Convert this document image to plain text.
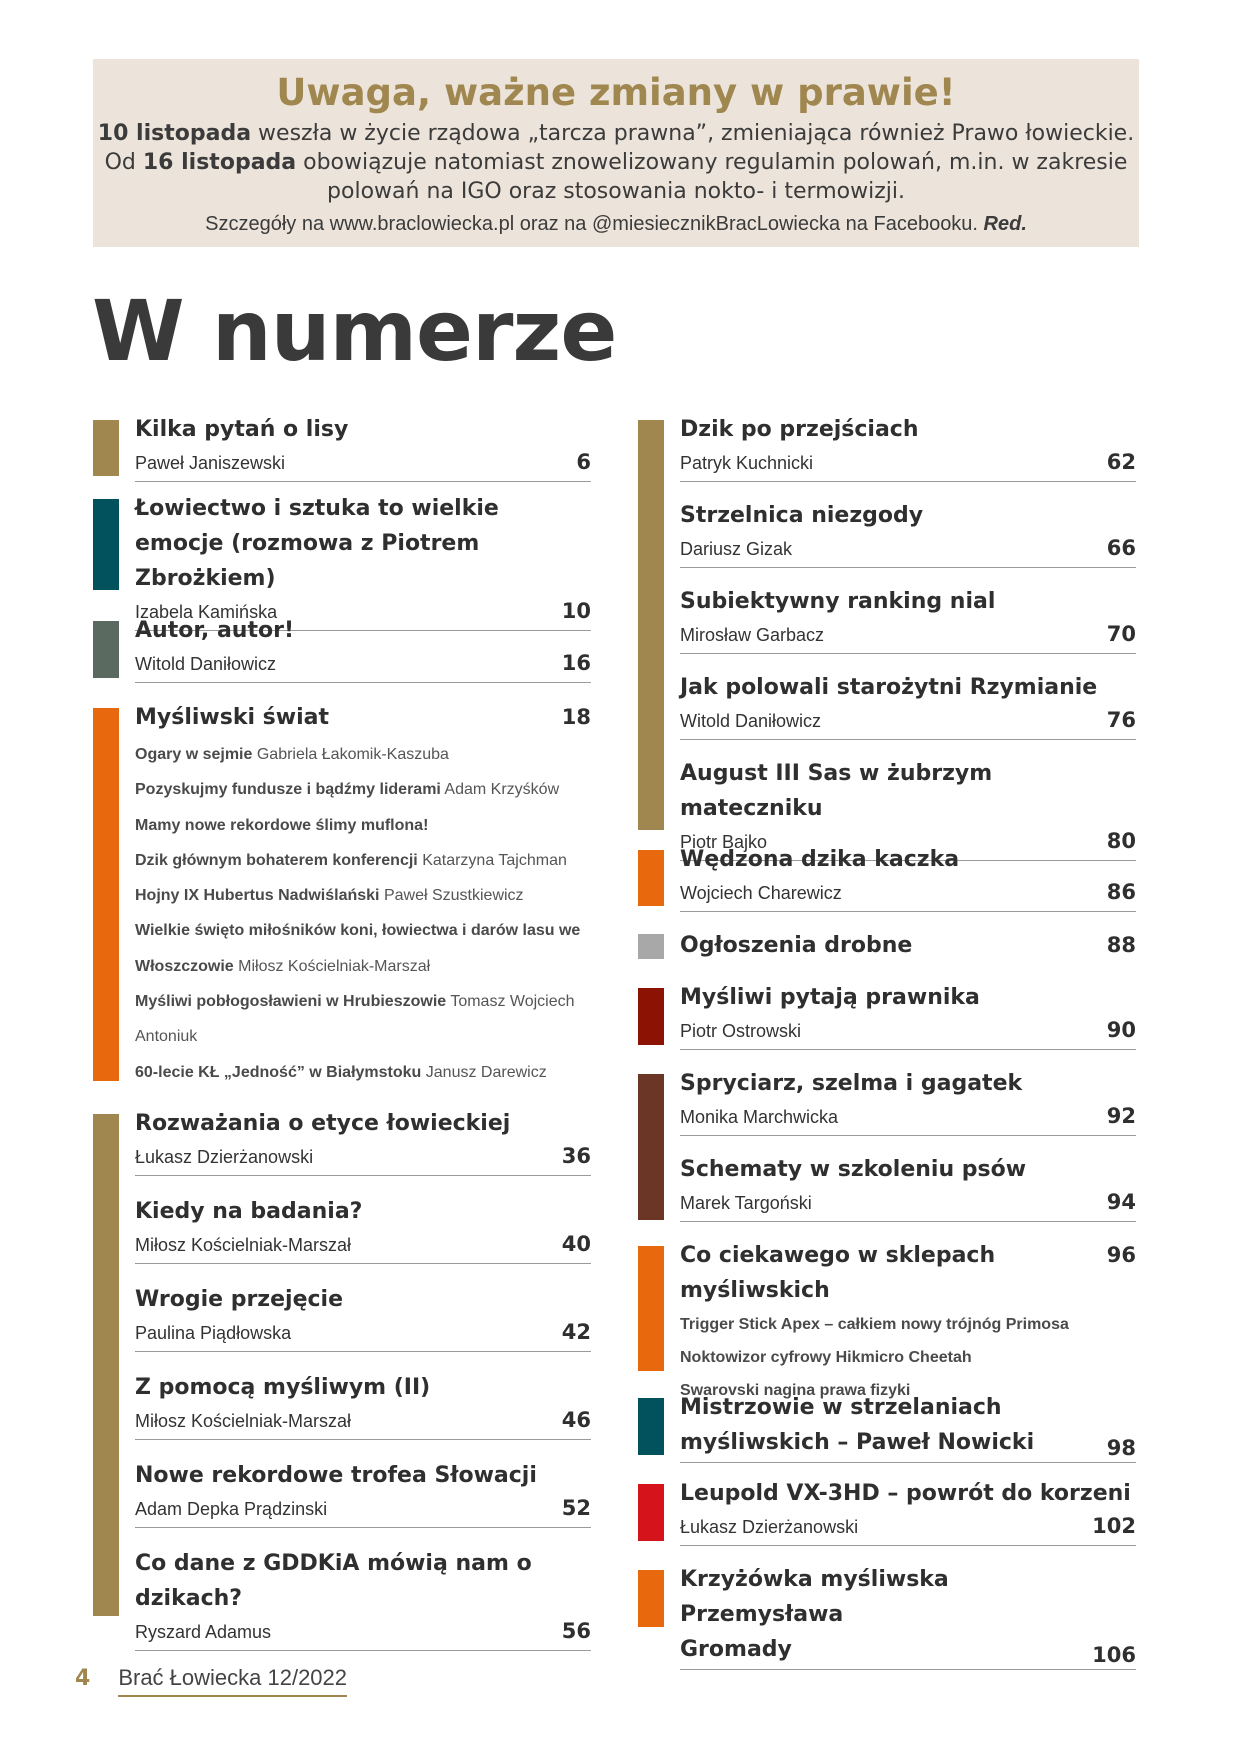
Uwaga, ważne zmiany w prawie!
10 listopada weszła w życie rządowa „tarcza prawna”, zmieniająca również Prawo łowieckie.
Od 16 listopada obowiązuje natomiast znowelizowany regulamin polowań, m.in. w zakresie polowań na IGO oraz stosowania nokto- i termowizji.
Szczegóły na www.braclowiecka.pl oraz na @miesiecznikBracLowiecka na Facebooku. Red.
W numerze
Kilka pytań o lisy
Paweł Janiszewski	6
Łowiectwo i sztuka to wielkie emocje (rozmowa z Piotrem Zbrożkiem)
Izabela Kamińska	10
Autor, autor!
Witold Daniłowicz	16
Myśliwski świat	18
Ogary w sejmie Gabriela Łakomik-Kaszuba
Pozyskujmy fundusze i bądźmy liderami Adam Krzyśków
Mamy nowe rekordowe ślimy muflona!
Dzik głównym bohaterem konferencji Katarzyna Tajchman
Hojny IX Hubertus Nadwiślański Paweł Szustkiewicz
Wielkie święto miłośników koni, łowiectwa i darów lasu we Włoszczowie Miłosz Kościelniak-Marszał
Myśliwi pobłogosławieni w Hrubieszowie Tomasz Wojciech Antoniuk
60-lecie KŁ „Jedność” w Białymstoku Janusz Darewicz
Rozważania o etyce łowieckiej
Łukasz Dzierżanowski	36
Kiedy na badania?
Miłosz Kościelniak-Marszał	40
Wrogie przejęcie
Paulina Piądłowska	42
Z pomocą myśliwym (II)
Miłosz Kościelniak-Marszał	46
Nowe rekordowe trofea Słowacji
Adam Depka Prądzinski	52
Co dane z GDDKiA mówią nam o dzikach?
Ryszard Adamus	56
Dzik po przejściach
Patryk Kuchnicki	62
Strzelnica niezgody
Dariusz Gizak	66
Subiektywny ranking nial
Mirosław Garbacz	70
Jak polowali starożytni Rzymianie
Witold Daniłowicz	76
August III Sas w żubrzym mateczniku
Piotr Bajko	80
Wędzona dzika kaczka
Wojciech Charewicz	86
Ogłoszenia drobne	88
Myśliwi pytają prawnika
Piotr Ostrowski	90
Spryciarz, szelma i gagatek
Monika Marchwicka	92
Schematy w szkoleniu psów
Marek Targoński	94
Co ciekawego w sklepach myśliwskich
96
Trigger Stick Apex – całkiem nowy trójnóg Primosa
Noktowizor cyfrowy Hikmicro Cheetah
Swarovski nagina prawa fizyki
Mistrzowie w strzelaniach myśliwskich – Paweł Nowicki	98
Leupold VX-3HD – powrót do korzeni
Łukasz Dzierżanowski	102
Krzyżówka myśliwska Przemysława Gromady	106
4 Brać Łowiecka 12/2022
